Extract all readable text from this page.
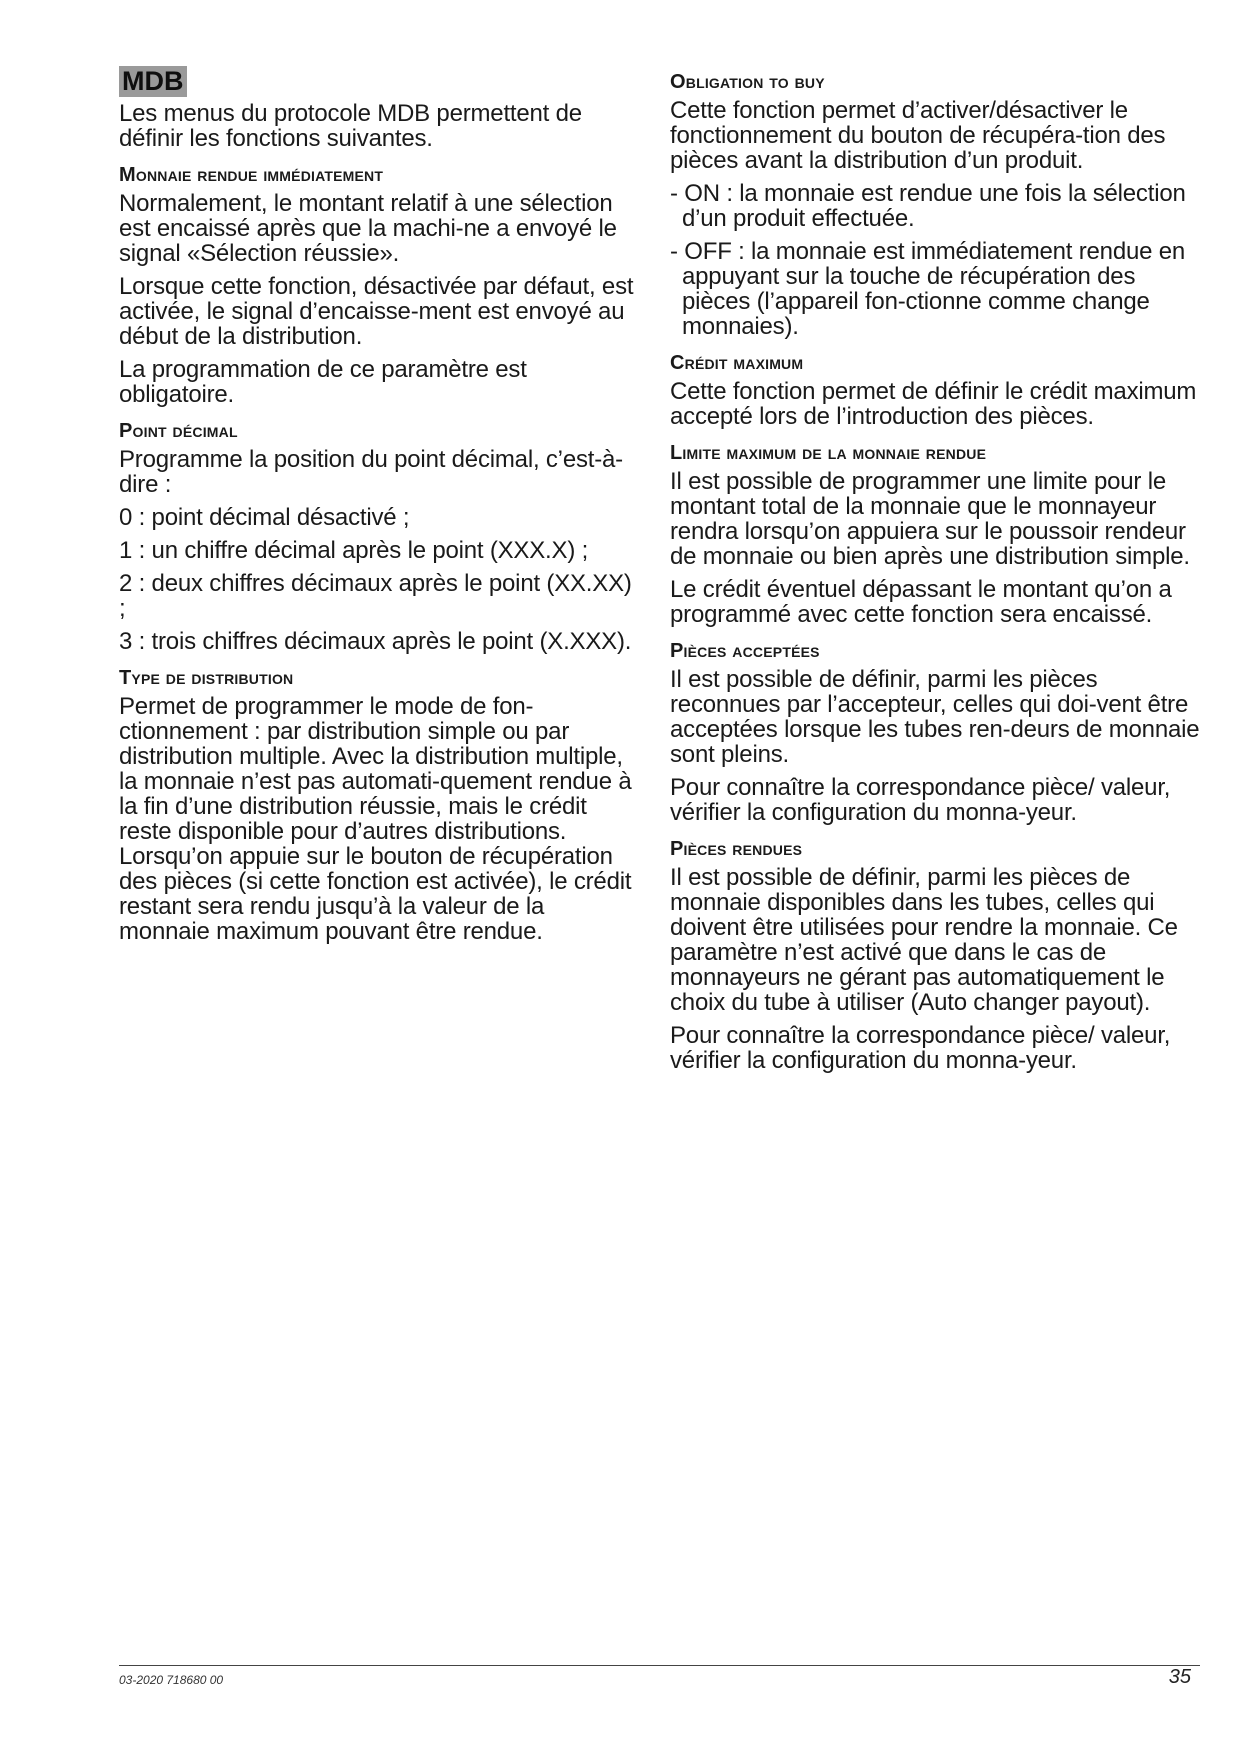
MDB

Les menus du protocole MDB permettent de définir les fonctions suivantes.

Monnaie rendue immédiatement

Normalement, le montant relatif à une sélection est encaissé après que la machi-ne a envoyé le signal «Sélection réussie».

Lorsque cette fonction, désactivée par défaut, est activée, le signal d’encaisse-ment est envoyé au début de la distribution.

La programmation de ce paramètre est obligatoire.

Point décimal

Programme la position du point décimal, c’est-à-dire :

0 : point décimal désactivé ;

1 : un chiffre décimal après le point (XXX.X) ;

2 : deux chiffres décimaux après le point (XX.XX) ;

3 : trois chiffres décimaux après le point (X.XXX).

Type de distribution

Permet de programmer le mode de fon-ctionnement : par distribution simple ou par distribution multiple. Avec la distribution multiple, la monnaie n’est pas automati-quement rendue à la fin d’une distribution réussie, mais le crédit reste disponible pour d’autres distributions. Lorsqu’on appuie sur le bouton de récupération des pièces (si cette fonction est activée), le crédit restant sera rendu jusqu’à la valeur de la monnaie maximum pouvant être rendue.

Obligation to buy

Cette fonction permet d’activer/désactiver le fonctionnement du bouton de récupéra-tion des pièces avant la distribution d’un produit.

- ON : la monnaie est rendue une fois la sélection d’un produit effectuée.

- OFF : la monnaie est immédiatement rendue en appuyant sur la touche de récupération des pièces (l’appareil fon-ctionne comme change monnaies).

Crédit maximum

Cette fonction permet de définir le crédit maximum accepté lors de l’introduction des pièces.

Limite maximum de la monnaie rendue

Il est possible de programmer une limite pour le montant total de la monnaie que le monnayeur rendra lorsqu’on appuiera sur le poussoir rendeur de monnaie ou bien après une distribution simple.

Le crédit éventuel dépassant le montant qu’on a programmé avec cette fonction sera encaissé.

Pièces acceptées

Il est possible de définir, parmi les pièces reconnues par l’accepteur, celles qui doi-vent être acceptées lorsque les tubes ren-deurs de monnaie sont pleins.

Pour connaître la correspondance pièce/ valeur, vérifier la configuration du monna-yeur.

Pièces rendues

Il est possible de définir, parmi les pièces de monnaie disponibles dans les tubes, celles qui doivent être utilisées pour rendre la monnaie. Ce paramètre n’est activé que dans le cas de monnayeurs ne gérant pas automatiquement le choix du tube à utiliser (Auto changer payout).

Pour connaître la correspondance pièce/ valeur, vérifier la configuration du monna-yeur.

03-2020 718680 00	35
